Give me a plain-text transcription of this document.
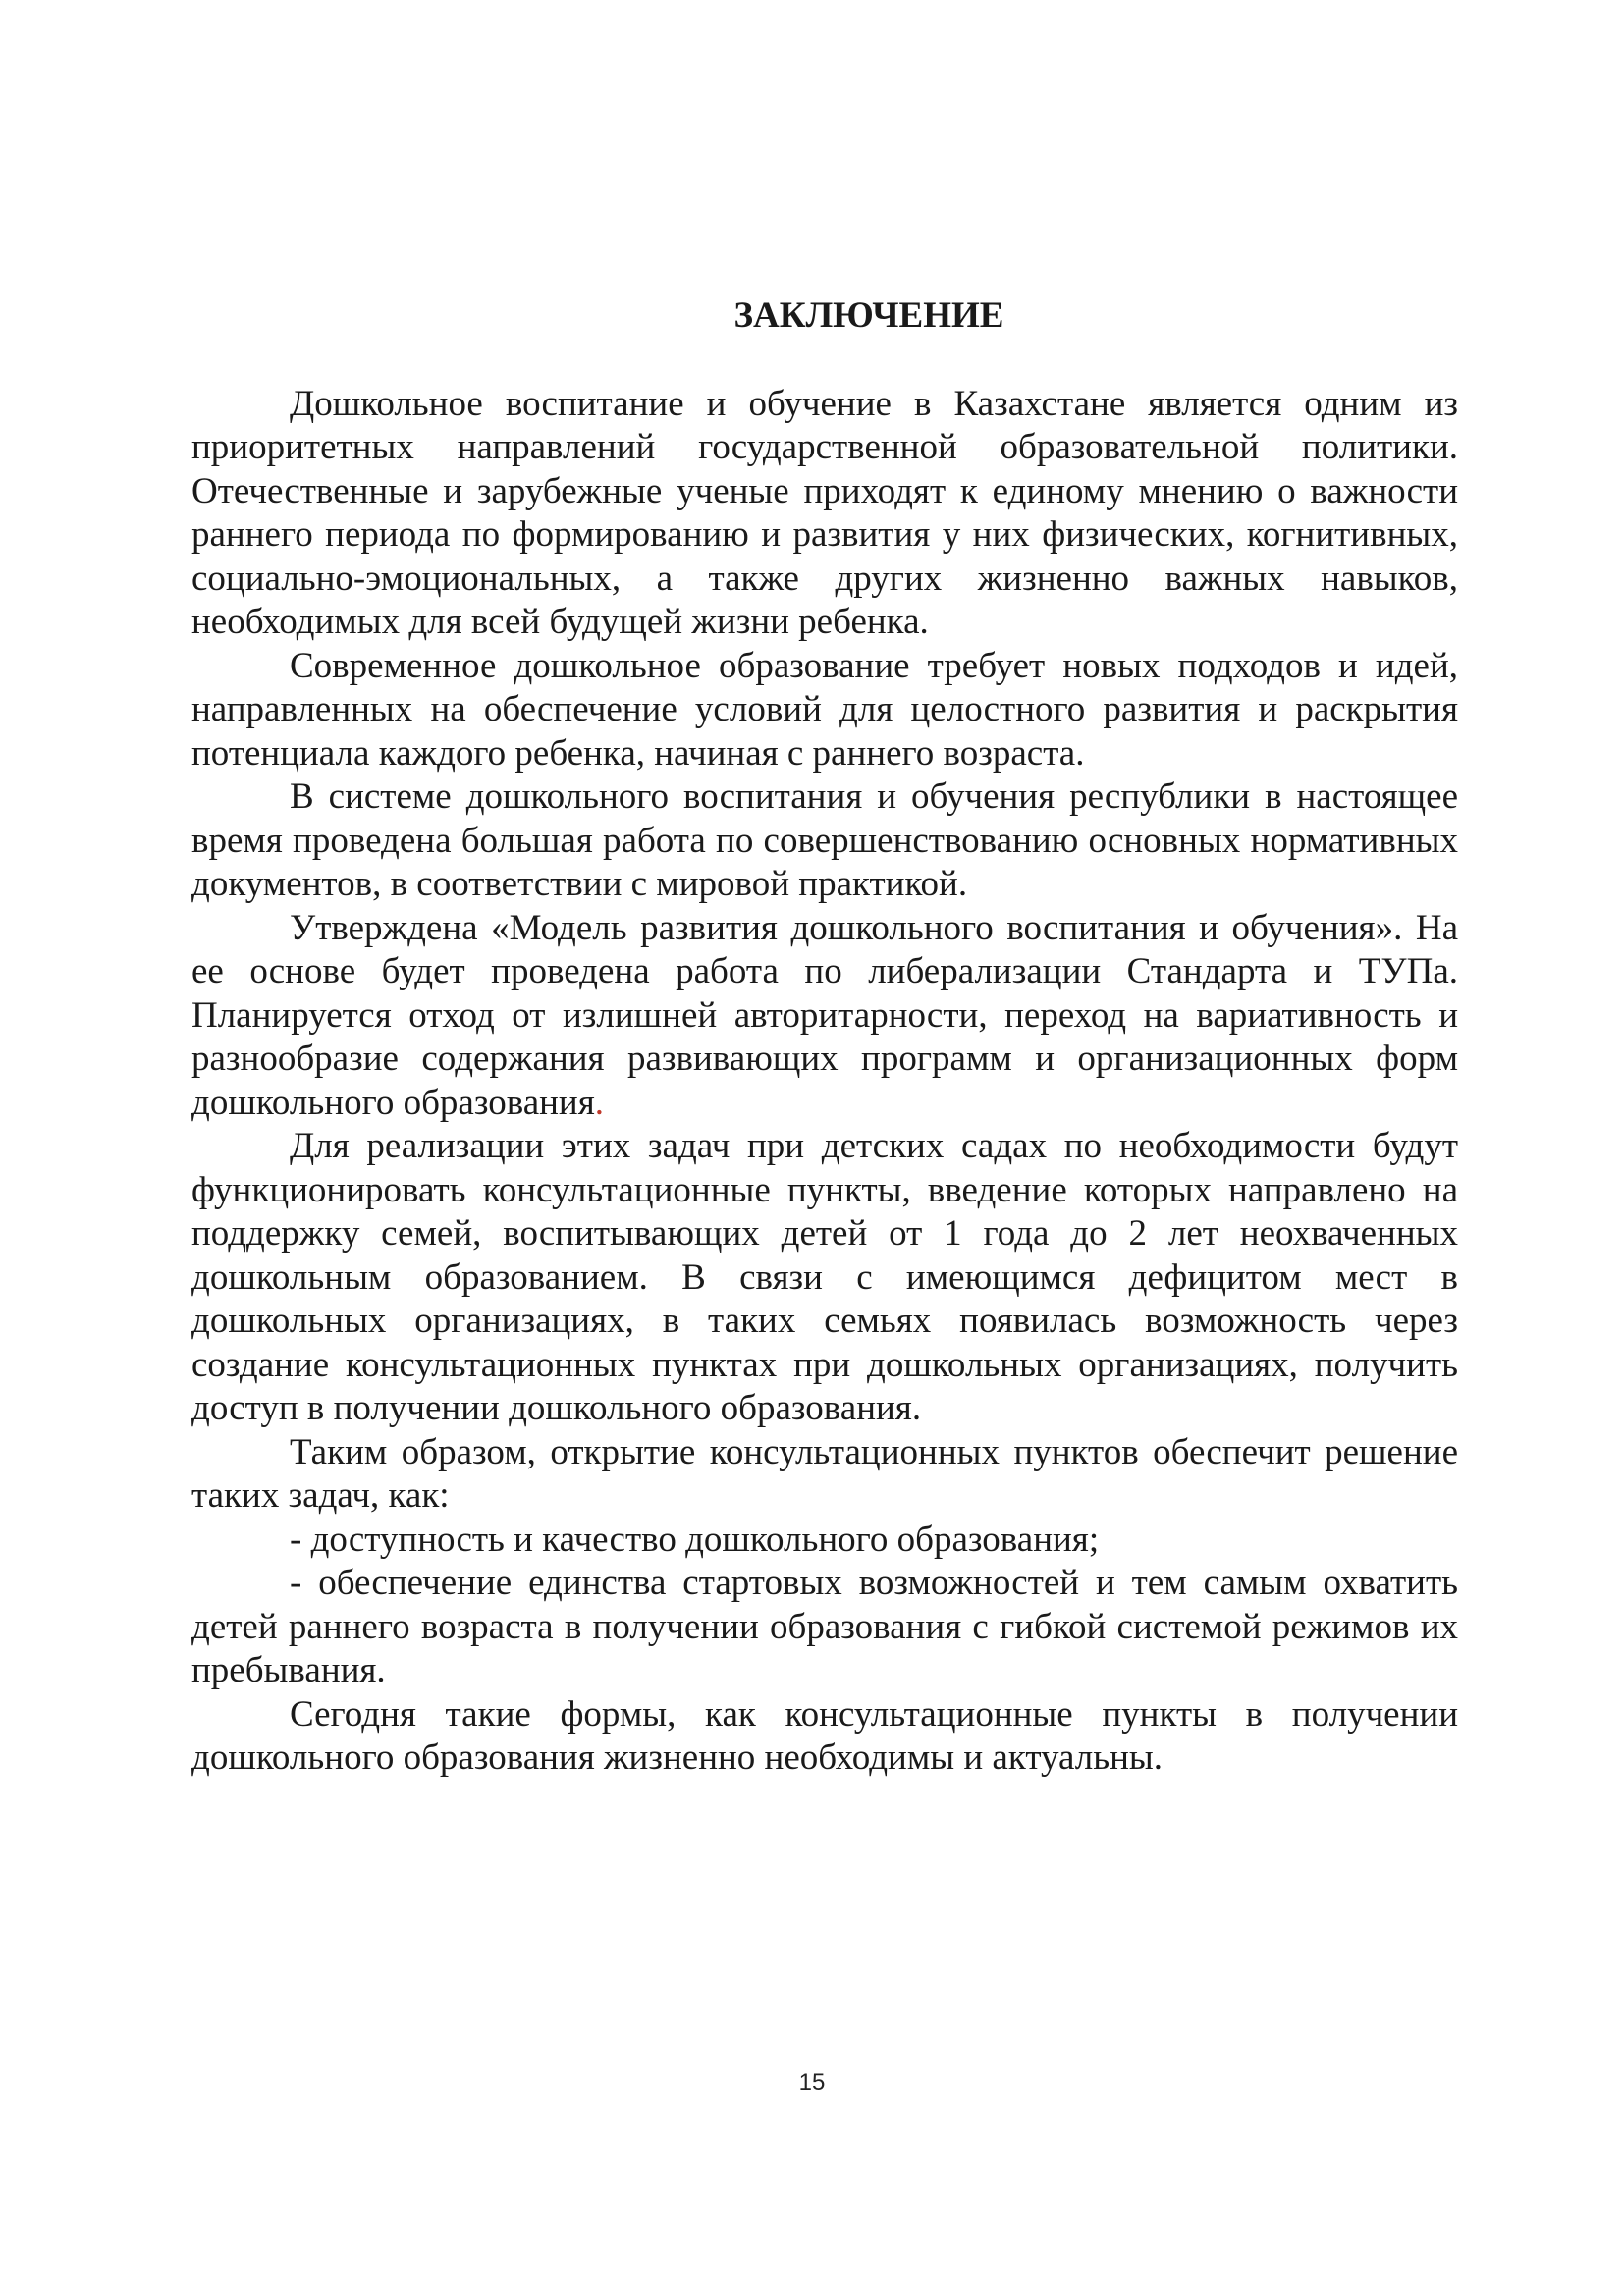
ЗАКЛЮЧЕНИЕ

Дошкольное воспитание и обучение в Казахстане является одним из приоритетных направлений государственной образовательной политики. Отечественные и зарубежные ученые приходят к единому мнению о важности раннего периода по формированию и развития у них физических, когнитивных, социально-эмоциональных, а также других жизненно важных навыков, необходимых для всей будущей жизни ребенка.

Современное дошкольное образование требует новых подходов и идей, направленных на обеспечение условий для целостного развития и раскрытия потенциала каждого ребенка, начиная с раннего возраста.

В системе дошкольного воспитания и обучения республики в настоящее время проведена большая работа по совершенствованию основных нормативных документов, в соответствии с мировой практикой.

Утверждена «Модель развития дошкольного воспитания и обучения». На ее основе будет проведена работа по либерализации Стандарта и ТУПа. Планируется отход от излишней авторитарности, переход на вариативность и разнообразие содержания развивающих программ и организационных форм дошкольного образования.

Для реализации этих задач при детских садах по необходимости будут функционировать консультационные пункты, введение которых направлено на поддержку семей, воспитывающих детей от 1 года до 2 лет неохваченных дошкольным образованием. В связи с имеющимся дефицитом мест в дошкольных организациях, в таких семьях появилась возможность через создание консультационных пунктах при дошкольных организациях, получить доступ в получении дошкольного образования.

Таким образом, открытие консультационных пунктов обеспечит решение таких задач, как:

- доступность и качество дошкольного образования;

- обеспечение единства стартовых возможностей и тем самым охватить детей раннего возраста в получении образования с гибкой системой режимов их пребывания.

Сегодня такие формы, как консультационные пункты в получении дошкольного образования жизненно необходимы и актуальны.

15
